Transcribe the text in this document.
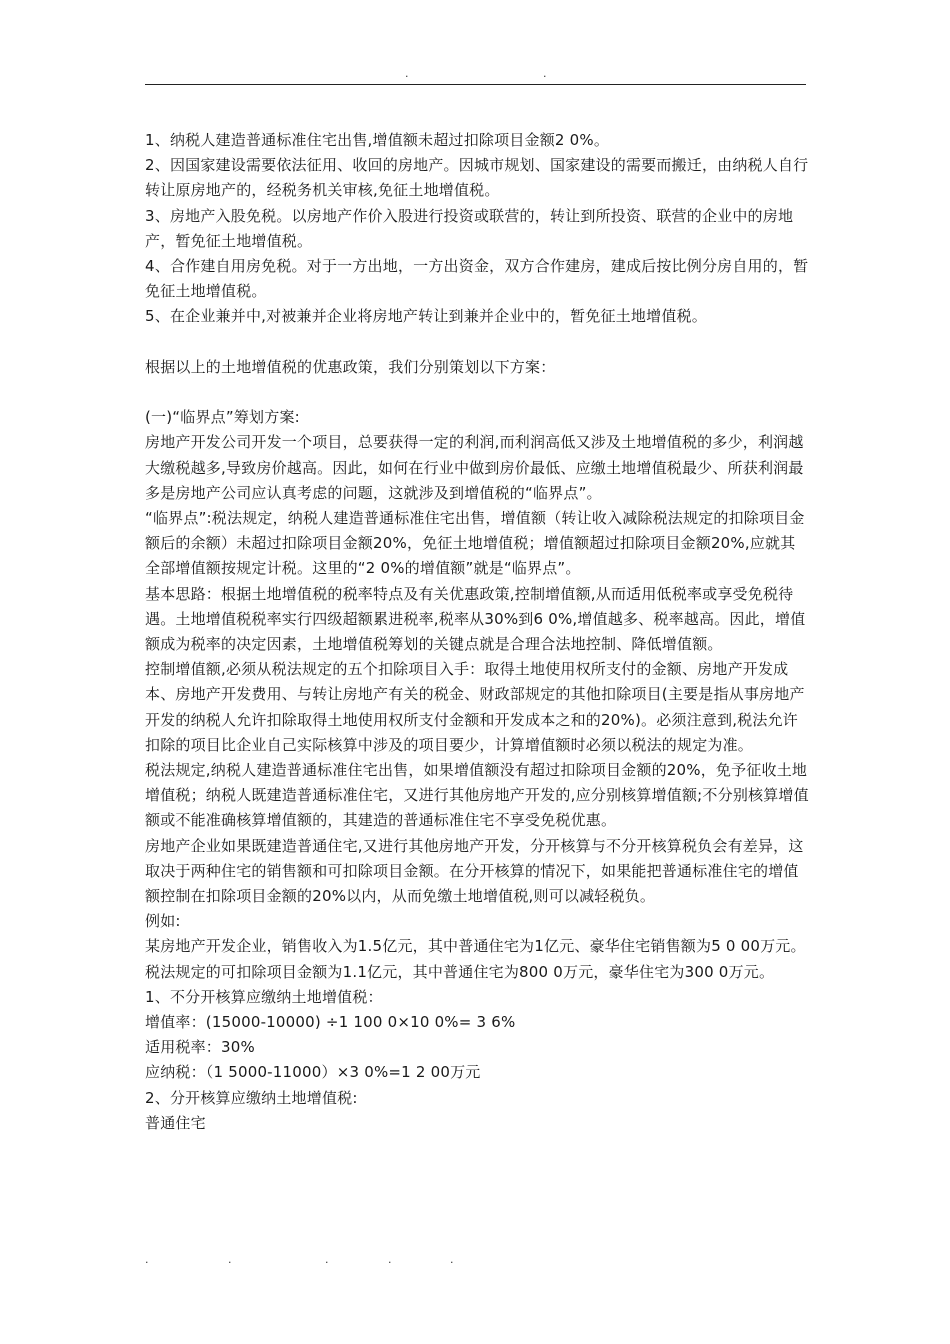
.	.

1、纳税人建造普通标准住宅出售,增值额未超过扣除项目金额2 0%。

2、因国家建设需要依法征用、收回的房地产。因城市规划、国家建设的需要而搬迁，由纳税人自行转让原房地产的，经税务机关审核,免征土地增值税。

3、房地产入股免税。以房地产作价入股进行投资或联营的，转让到所投资、联营的企业中的房地产，暂免征土地增值税。

4、合作建自用房免税。对于一方出地，一方出资金，双方合作建房，建成后按比例分房自用的，暂免征土地增值税。

5、在企业兼并中,对被兼并企业将房地产转让到兼并企业中的，暂免征土地增值税。

根据以上的土地增值税的优惠政策，我们分别策划以下方案：

(一)“临界点”筹划方案:

房地产开发公司开发一个项目，总要获得一定的利润,而利润高低又涉及土地增值税的多少，利润越大缴税越多,导致房价越高。因此，如何在行业中做到房价最低、应缴土地增值税最少、所获利润最多是房地产公司应认真考虑的问题，这就涉及到增值税的“临界点”。

“临界点”:税法规定，纳税人建造普通标准住宅出售，增值额（转让收入减除税法规定的扣除项目金额后的余额）未超过扣除项目金额20%，免征土地增值税；增值额超过扣除项目金额20%,应就其全部增值额按规定计税。这里的“2 0%的增值额”就是“临界点”。

基本思路：根据土地增值税的税率特点及有关优惠政策,控制增值额,从而适用低税率或享受免税待遇。土地增值税税率实行四级超额累进税率,税率从30%到6 0%,增值越多、税率越高。因此，增值额成为税率的决定因素，土地增值税筹划的关键点就是合理合法地控制、降低增值额。

控制增值额,必须从税法规定的五个扣除项目入手：取得土地使用权所支付的金额、房地产开发成本、房地产开发费用、与转让房地产有关的税金、财政部规定的其他扣除项目(主要是指从事房地产开发的纳税人允许扣除取得土地使用权所支付金额和开发成本之和的20%)。必须注意到,税法允许扣除的项目比企业自己实际核算中涉及的项目要少，计算增值额时必须以税法的规定为准。

税法规定,纳税人建造普通标准住宅出售，如果增值额没有超过扣除项目金额的20%，免予征收土地增值税；纳税人既建造普通标准住宅，又进行其他房地产开发的,应分别核算增值额;不分别核算增值额或不能准确核算增值额的，其建造的普通标准住宅不享受免税优惠。

房地产企业如果既建造普通住宅,又进行其他房地产开发，分开核算与不分开核算税负会有差异，这取决于两种住宅的销售额和可扣除项目金额。在分开核算的情况下，如果能把普通标准住宅的增值额控制在扣除项目金额的20%以内，从而免缴土地增值税,则可以减轻税负。

例如:

某房地产开发企业，销售收入为1.5亿元，其中普通住宅为1亿元、豪华住宅销售额为5 0 00万元。税法规定的可扣除项目金额为1.1亿元，其中普通住宅为800 0万元，豪华住宅为300 0万元。

1、不分开核算应缴纳土地增值税：

增值率：(15000-10000) ÷1 100 0×10 0%= 3 6%

适用税率：30%

应纳税：（1 5000-11000）×3 0%=1 2 00万元

2、分开核算应缴纳土地增值税:

普通住宅

.	.	.	.	.
